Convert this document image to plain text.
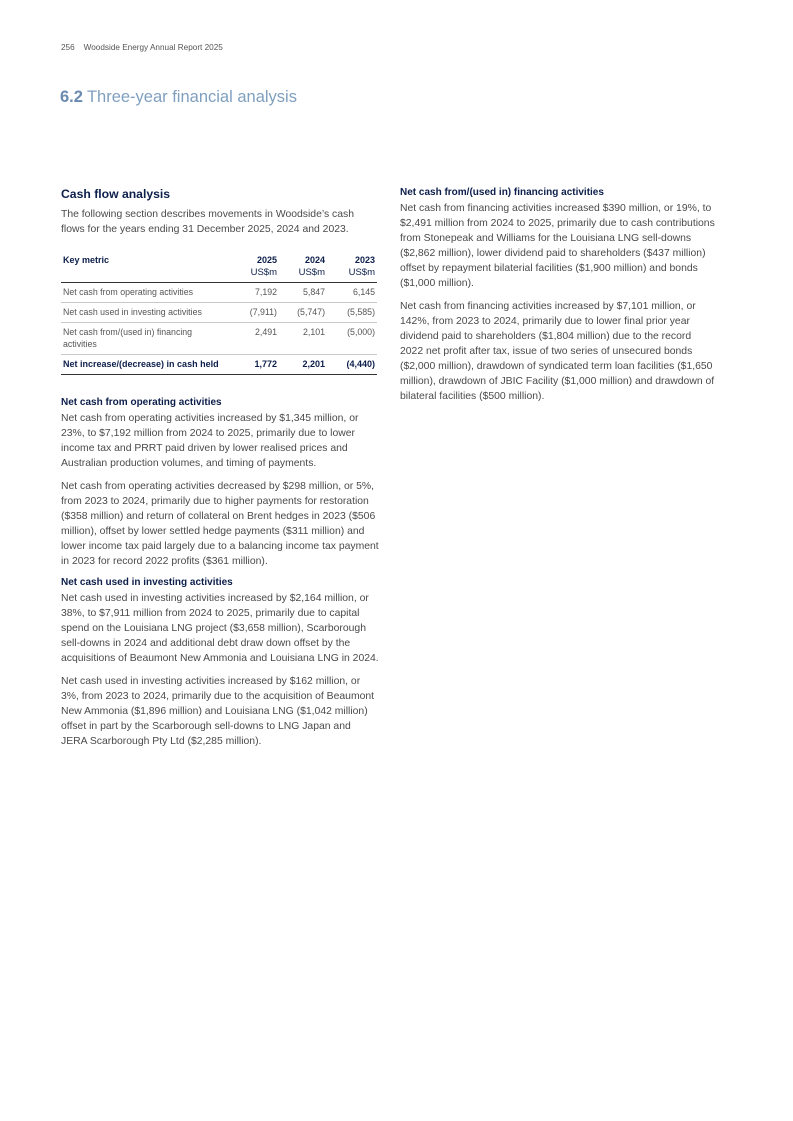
256 Woodside Energy Annual Report 2025
6.2 Three-year financial analysis
Cash flow analysis

The following section describes movements in Woodside’s cash flows for the years ending 31 December 2025, 2024 and 2023.

Key metric	2025	2024	2023
	US$m	US$m	US$m
Net cash from operating activities	7,192	5,847	6,145
Net cash used in investing activities	(7,911)	(5,747)	(5,585)
Net cash from/(used in) financing activities	2,491	2,101	(5,000)
Net increase/(decrease) in cash held	1,772	2,201	(4,440)
Net cash from operating activities

Net cash from operating activities increased by $1,345 million, or 23%, to $7,192 million from 2024 to 2025, primarily due to lower income tax and PRRT paid driven by lower realised prices and Australian production volumes, and timing of payments.

Net cash from operating activities decreased by $298 million, or 5%, from 2023 to 2024, primarily due to higher payments for restoration ($358 million) and return of collateral on Brent hedges in 2023 ($506 million), offset by lower settled hedge payments ($311 million) and lower income tax paid largely due to a balancing income tax payment in 2023 for record 2022 profits ($361 million).

Net cash used in investing activities

Net cash used in investing activities increased by $2,164 million, or 38%, to $7,911 million from 2024 to 2025, primarily due to capital spend on the Louisiana LNG project ($3,658 million), Scarborough sell-downs in 2024 and additional debt draw down offset by the acquisitions of Beaumont New Ammonia and Louisiana LNG in 2024.

Net cash used in investing activities increased by $162 million, or 3%, from 2023 to 2024, primarily due to the acquisition of Beaumont New Ammonia ($1,896 million) and Louisiana LNG ($1,042 million) offset in part by the Scarborough sell-downs to LNG Japan and JERA Scarborough Pty Ltd ($2,285 million).

Net cash from/(used in) financing activities

Net cash from financing activities increased $390 million, or 19%, to $2,491 million from 2024 to 2025, primarily due to cash contributions from Stonepeak and Williams for the Louisiana LNG sell-downs ($2,862 million), lower dividend paid to shareholders ($437 million) offset by repayment bilaterial facilities ($1,900 million) and bonds ($1,000 million).

Net cash from financing activities increased by $7,101 million, or 142%, from 2023 to 2024, primarily due to lower final prior year dividend paid to shareholders ($1,804 million) due to the record 2022 net profit after tax, issue of two series of unsecured bonds ($2,000 million), drawdown of syndicated term loan facilities ($1,650 million), drawdown of JBIC Facility ($1,000 million) and drawdown of bilateral facilities ($500 million).
